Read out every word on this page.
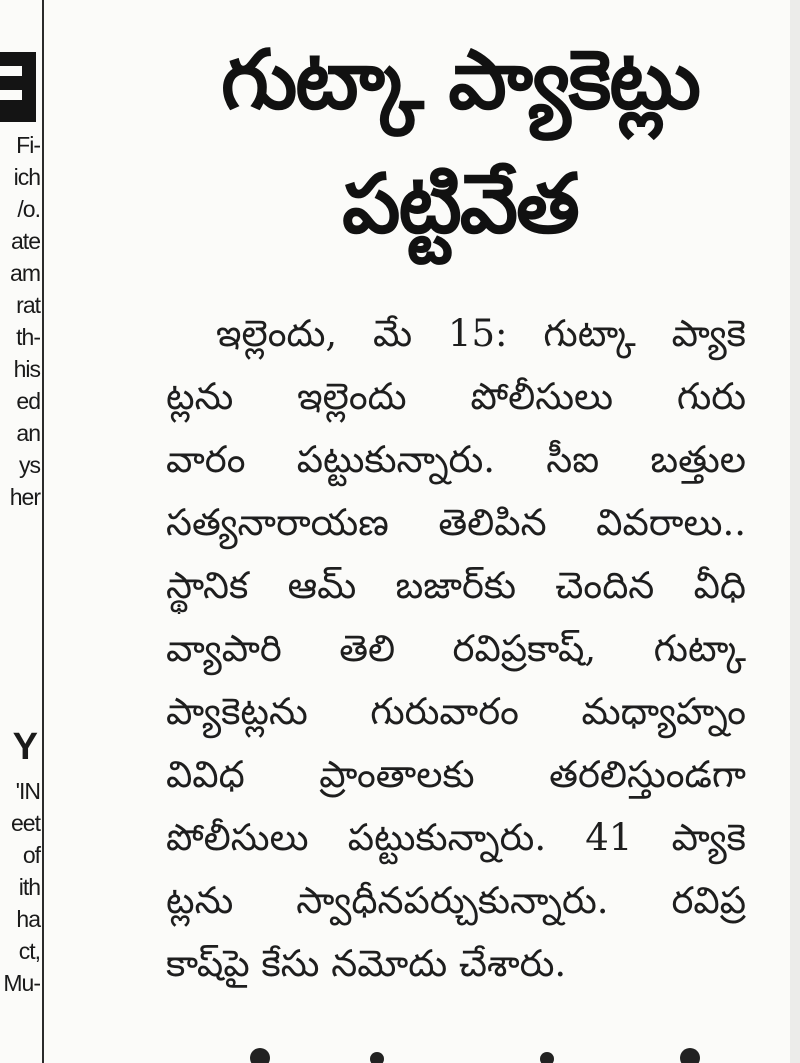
Fi-
ich
/o.
ate
am
rat
th-
his
ed
an
ys
her
Y
'IN
eet
of
ith
ha
ct,
Mu-
గుట్కా ప్యాకెట్లు
పట్టివేత
ఇల్లెందు, మే 15: గుట్కా ప్యాకె
ట్లను ఇల్లెందు పోలీసులు గురు
వారం పట్టుకున్నారు. సీఐ బత్తుల
సత్యనారాయణ తెలిపిన వివరాలు..
స్థానిక ఆమ్ బజార్‌కు చెందిన వీధి
వ్యాపారి తెలి రవిప్రకాష్, గుట్కా
ప్యాకెట్లను గురువారం మధ్యాహ్నం
వివిధ ప్రాంతాలకు తరలిస్తుండగా
పోలీసులు పట్టుకున్నారు. 41 ప్యాకె
ట్లను స్వాధీనపర్చుకున్నారు. రవిప్ర
కాష్‌పై కేసు నమోదు చేశారు.
